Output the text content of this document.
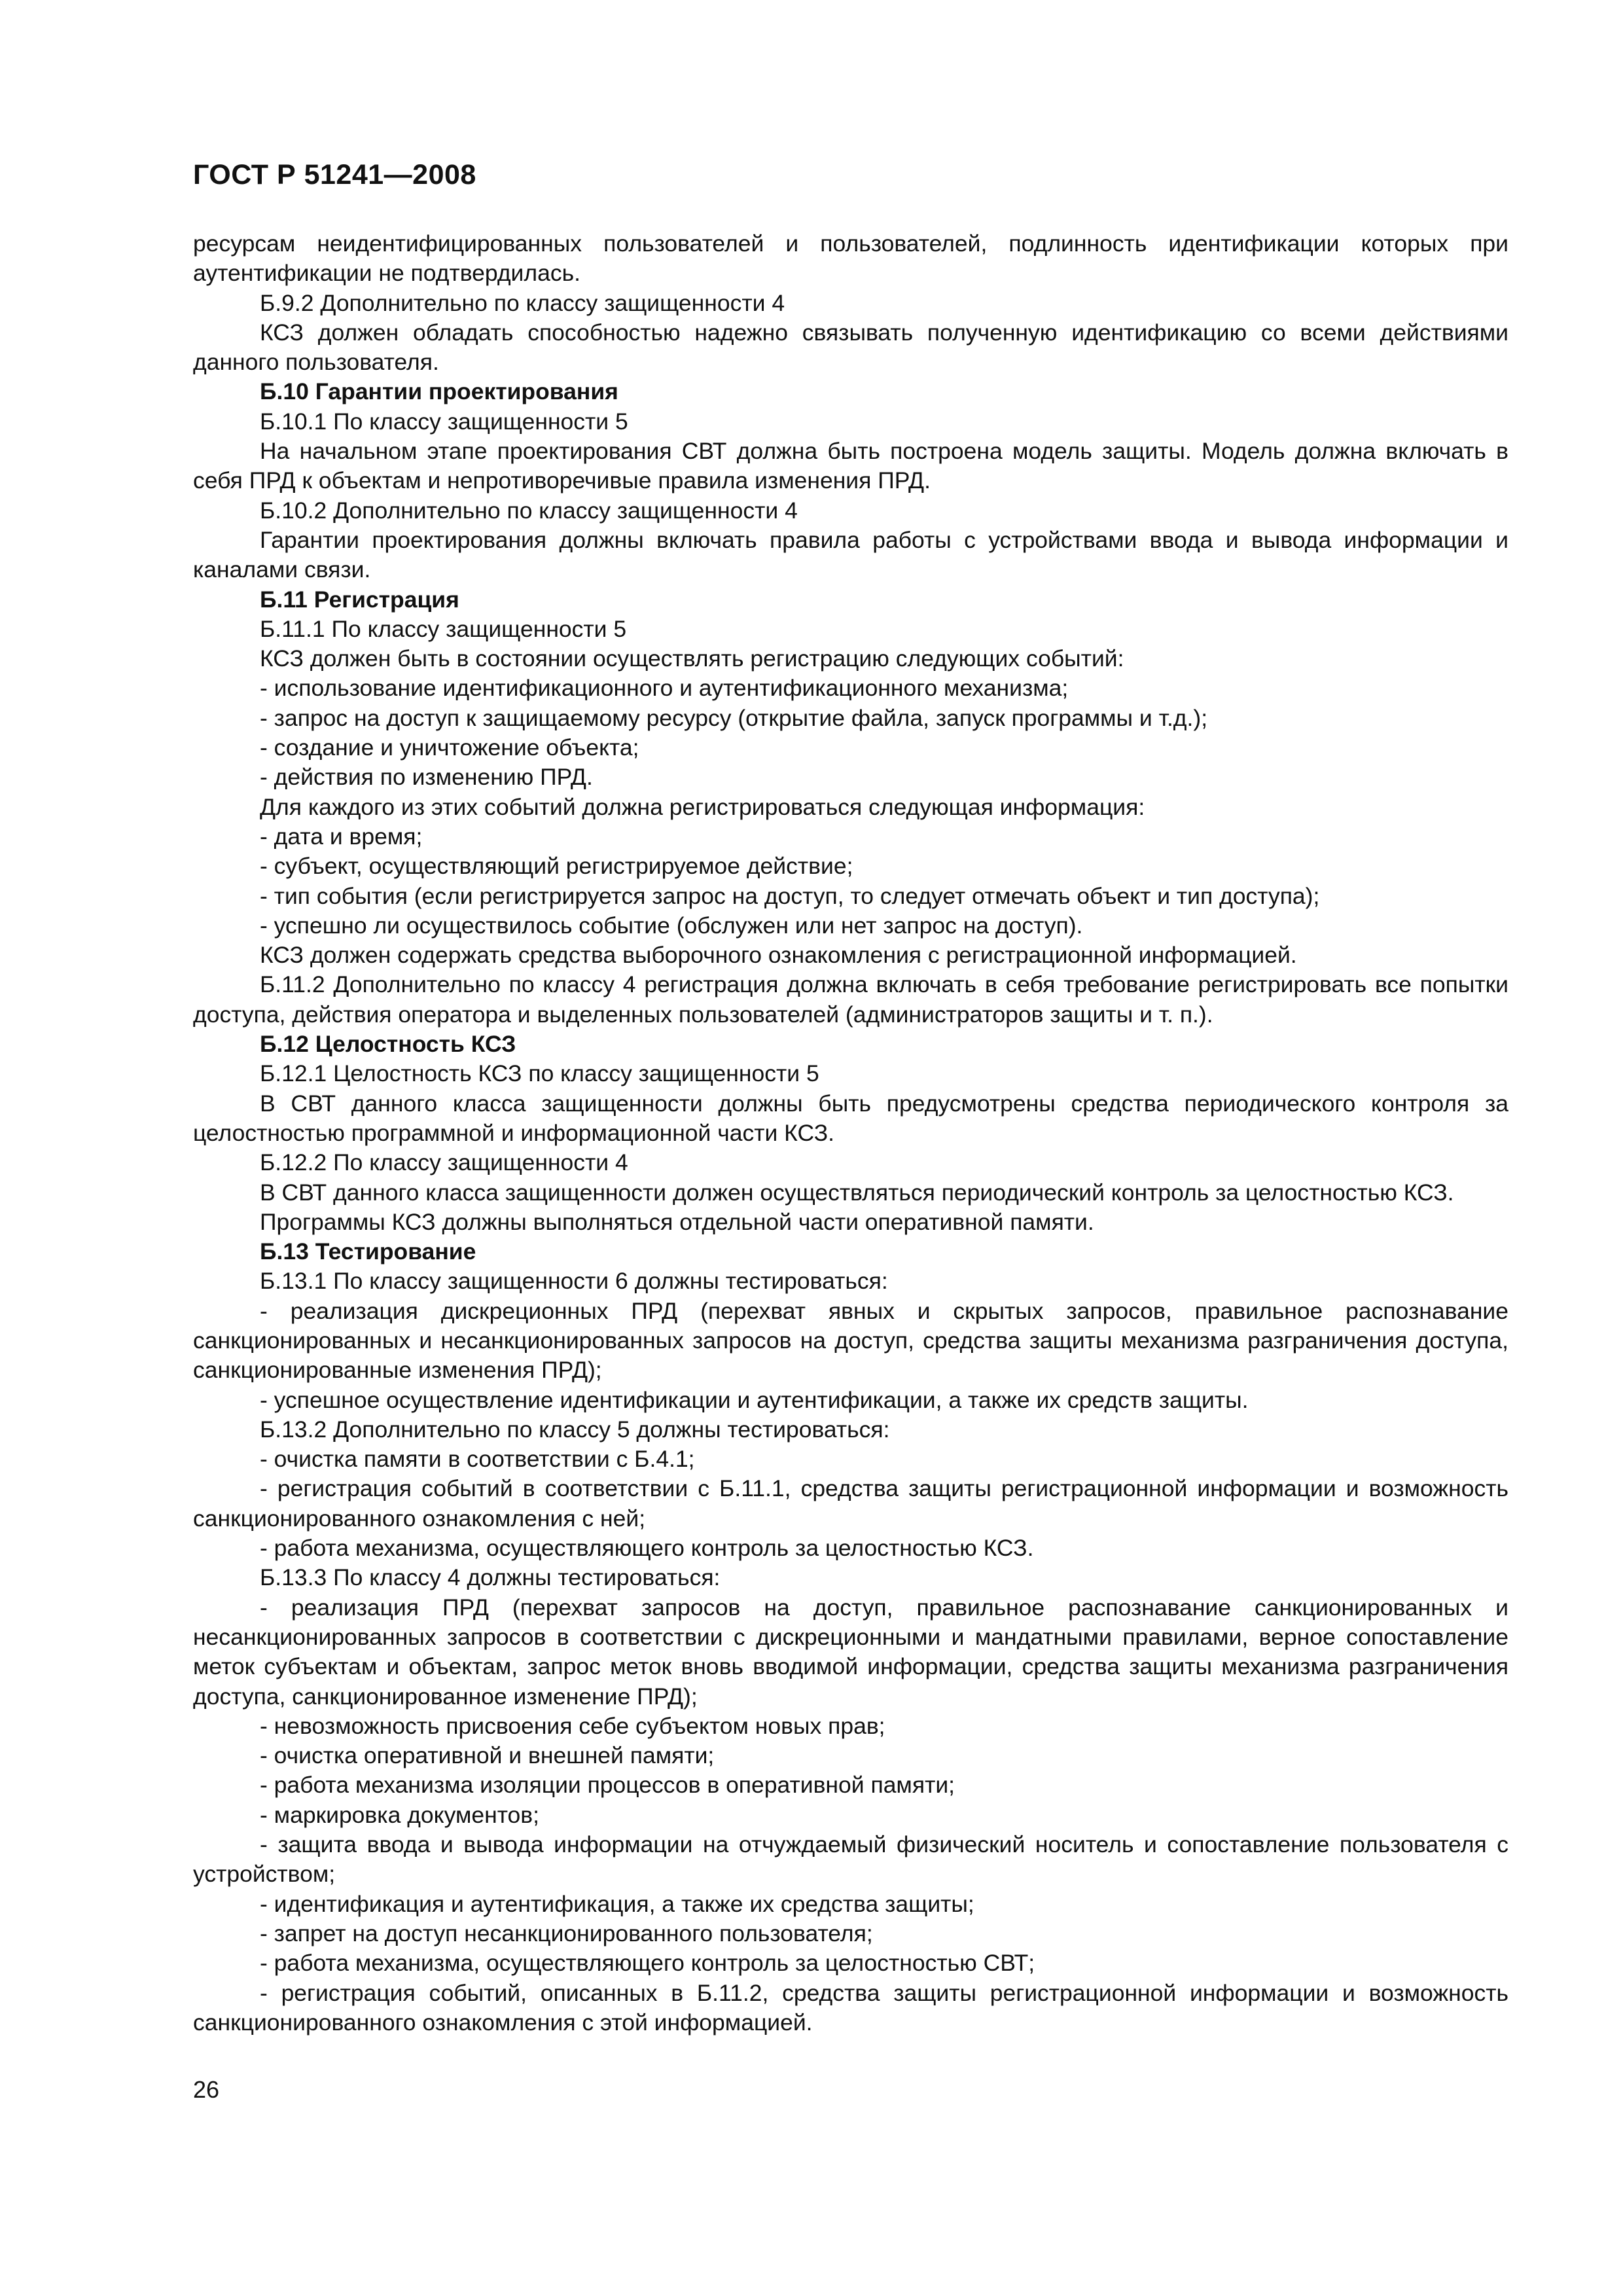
ГОСТ Р 51241—2008

ресурсам неидентифицированных пользователей и пользователей, подлинность идентификации которых при аутентификации не подтвердилась.

Б.9.2 Дополнительно по классу защищенности 4

КСЗ должен обладать способностью надежно связывать полученную идентификацию со всеми действиями данного пользователя.

Б.10 Гарантии проектирования

Б.10.1 По классу защищенности 5

На начальном этапе проектирования СВТ должна быть построена модель защиты. Модель должна включать в себя ПРД к объектам и непротиворечивые правила изменения ПРД.

Б.10.2 Дополнительно по классу защищенности 4

Гарантии проектирования должны включать правила работы с устройствами ввода и вывода информации и каналами связи.

Б.11 Регистрация

Б.11.1 По классу защищенности 5

КСЗ должен быть в состоянии осуществлять регистрацию следующих событий:

- использование идентификационного и аутентификационного механизма;

- запрос на доступ к защищаемому ресурсу (открытие файла, запуск программы и т.д.);

- создание и уничтожение объекта;

- действия по изменению ПРД.

Для каждого из этих событий должна регистрироваться следующая информация:

- дата и время;

- субъект, осуществляющий регистрируемое действие;

- тип события (если регистрируется запрос на доступ, то следует отмечать объект и тип доступа);

- успешно ли осуществилось событие (обслужен или нет запрос на доступ).

КСЗ должен содержать средства выборочного ознакомления с регистрационной информацией.

Б.11.2 Дополнительно по классу 4 регистрация должна включать в себя требование регистрировать все попытки доступа, действия оператора и выделенных пользователей (администраторов защиты и т. п.).

Б.12 Целостность КСЗ

Б.12.1 Целостность КСЗ по классу защищенности 5

В СВТ данного класса защищенности должны быть предусмотрены средства периодического контроля за целостностью программной и информационной части КСЗ.

Б.12.2 По классу защищенности 4

В СВТ данного класса защищенности должен осуществляться периодический контроль за целостностью КСЗ.

Программы КСЗ должны выполняться отдельной части оперативной памяти.

Б.13 Тестирование

Б.13.1 По классу защищенности 6 должны тестироваться:

- реализация дискреционных ПРД (перехват явных и скрытых запросов, правильное распознавание санкционированных и несанкционированных запросов на доступ, средства защиты механизма разграничения доступа, санкционированные изменения ПРД);

- успешное осуществление идентификации и аутентификации, а также их средств защиты.

Б.13.2 Дополнительно по классу 5 должны тестироваться:

- очистка памяти в соответствии с Б.4.1;

- регистрация событий в соответствии с Б.11.1, средства защиты регистрационной информации и возможность санкционированного ознакомления с ней;

- работа механизма, осуществляющего контроль за целостностью КСЗ.

Б.13.3 По классу 4 должны тестироваться:

- реализация ПРД (перехват запросов на доступ, правильное распознавание санкционированных и несанкционированных запросов в соответствии с дискреционными и мандатными правилами, верное сопоставление меток субъектам и объектам, запрос меток вновь вводимой информации, средства защиты механизма разграничения доступа, санкционированное изменение ПРД);

- невозможность присвоения себе субъектом новых прав;

- очистка оперативной и внешней памяти;

- работа механизма изоляции процессов в оперативной памяти;

- маркировка документов;

- защита ввода и вывода информации на отчуждаемый физический носитель и сопоставление пользователя с устройством;

- идентификация и аутентификация, а также их средства защиты;

- запрет на доступ несанкционированного пользователя;

- работа механизма, осуществляющего контроль за целостностью СВТ;

- регистрация событий, описанных в Б.11.2, средства защиты регистрационной информации и возможность санкционированного ознакомления с этой информацией.

26
